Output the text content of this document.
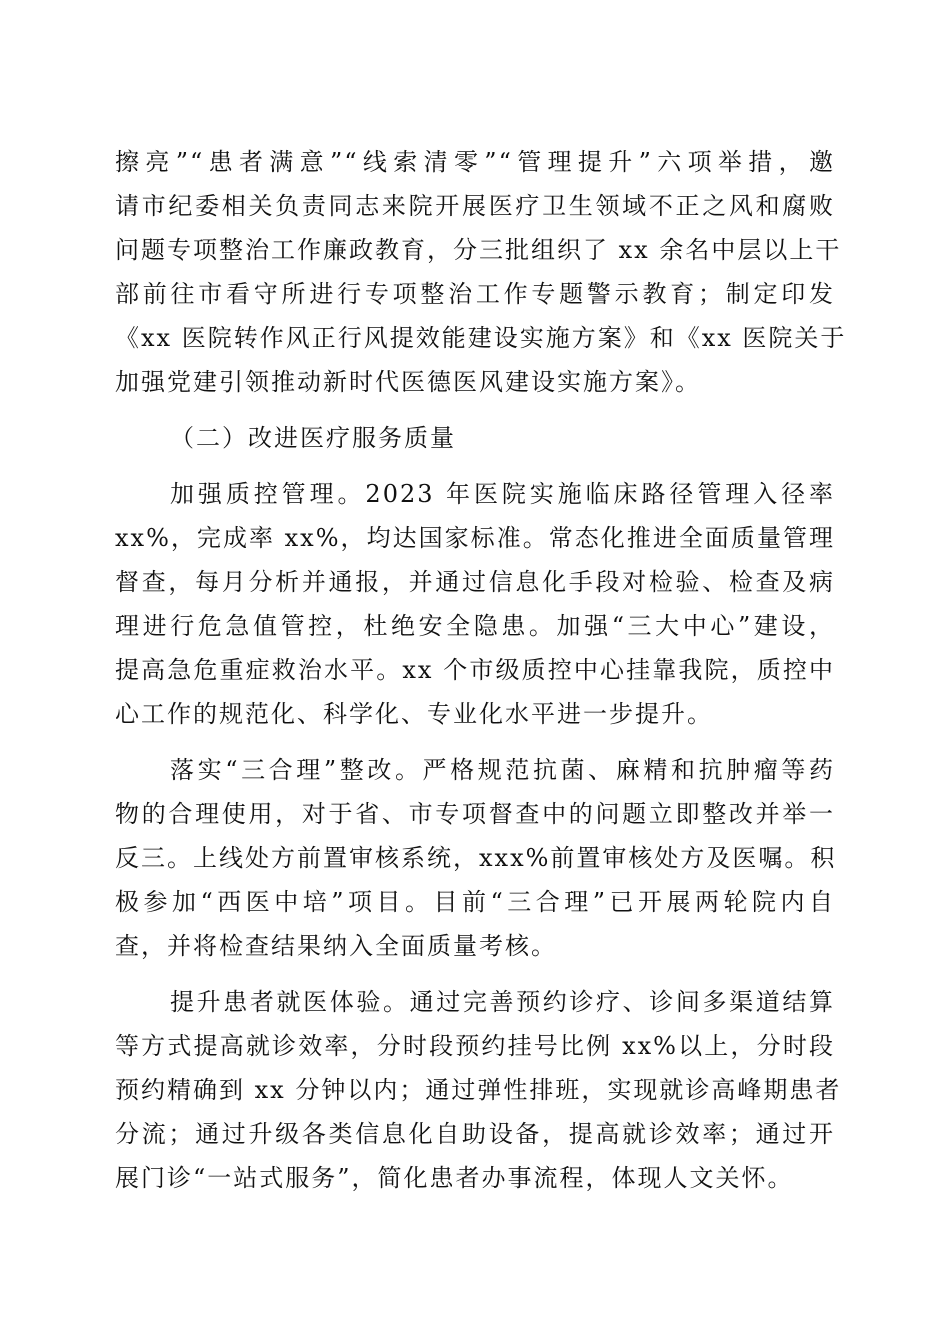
擦亮”“患者满意”“线索清零”“管理提升”六项举措，邀
请市纪委相关负责同志来院开展医疗卫生领域不正之风和腐败
问题专项整治工作廉政教育，分三批组织了 xx 余名中层以上干
部前往市看守所进行专项整治工作专题警示教育；制定印发
《xx 医院转作风正行风提效能建设实施方案》和《xx 医院关于
加强党建引领推动新时代医德医风建设实施方案》。
（二）改进医疗服务质量
加强质控管理。2023 年医院实施临床路径管理入径率
xx%，完成率 xx%，均达国家标准。常态化推进全面质量管理
督查，每月分析并通报，并通过信息化手段对检验、检查及病
理进行危急值管控，杜绝安全隐患。加强“三大中心”建设，
提高急危重症救治水平。xx 个市级质控中心挂靠我院，质控中
心工作的规范化、科学化、专业化水平进一步提升。
落实“三合理”整改。严格规范抗菌、麻精和抗肿瘤等药
物的合理使用，对于省、市专项督查中的问题立即整改并举一
反三。上线处方前置审核系统，xxx%前置审核处方及医嘱。积
极参加“西医中培”项目。目前“三合理”已开展两轮院内自
查，并将检查结果纳入全面质量考核。
提升患者就医体验。通过完善预约诊疗、诊间多渠道结算
等方式提高就诊效率，分时段预约挂号比例 xx%以上，分时段
预约精确到 xx 分钟以内；通过弹性排班，实现就诊高峰期患者
分流；通过升级各类信息化自助设备，提高就诊效率；通过开
展门诊“一站式服务”，简化患者办事流程，体现人文关怀。
